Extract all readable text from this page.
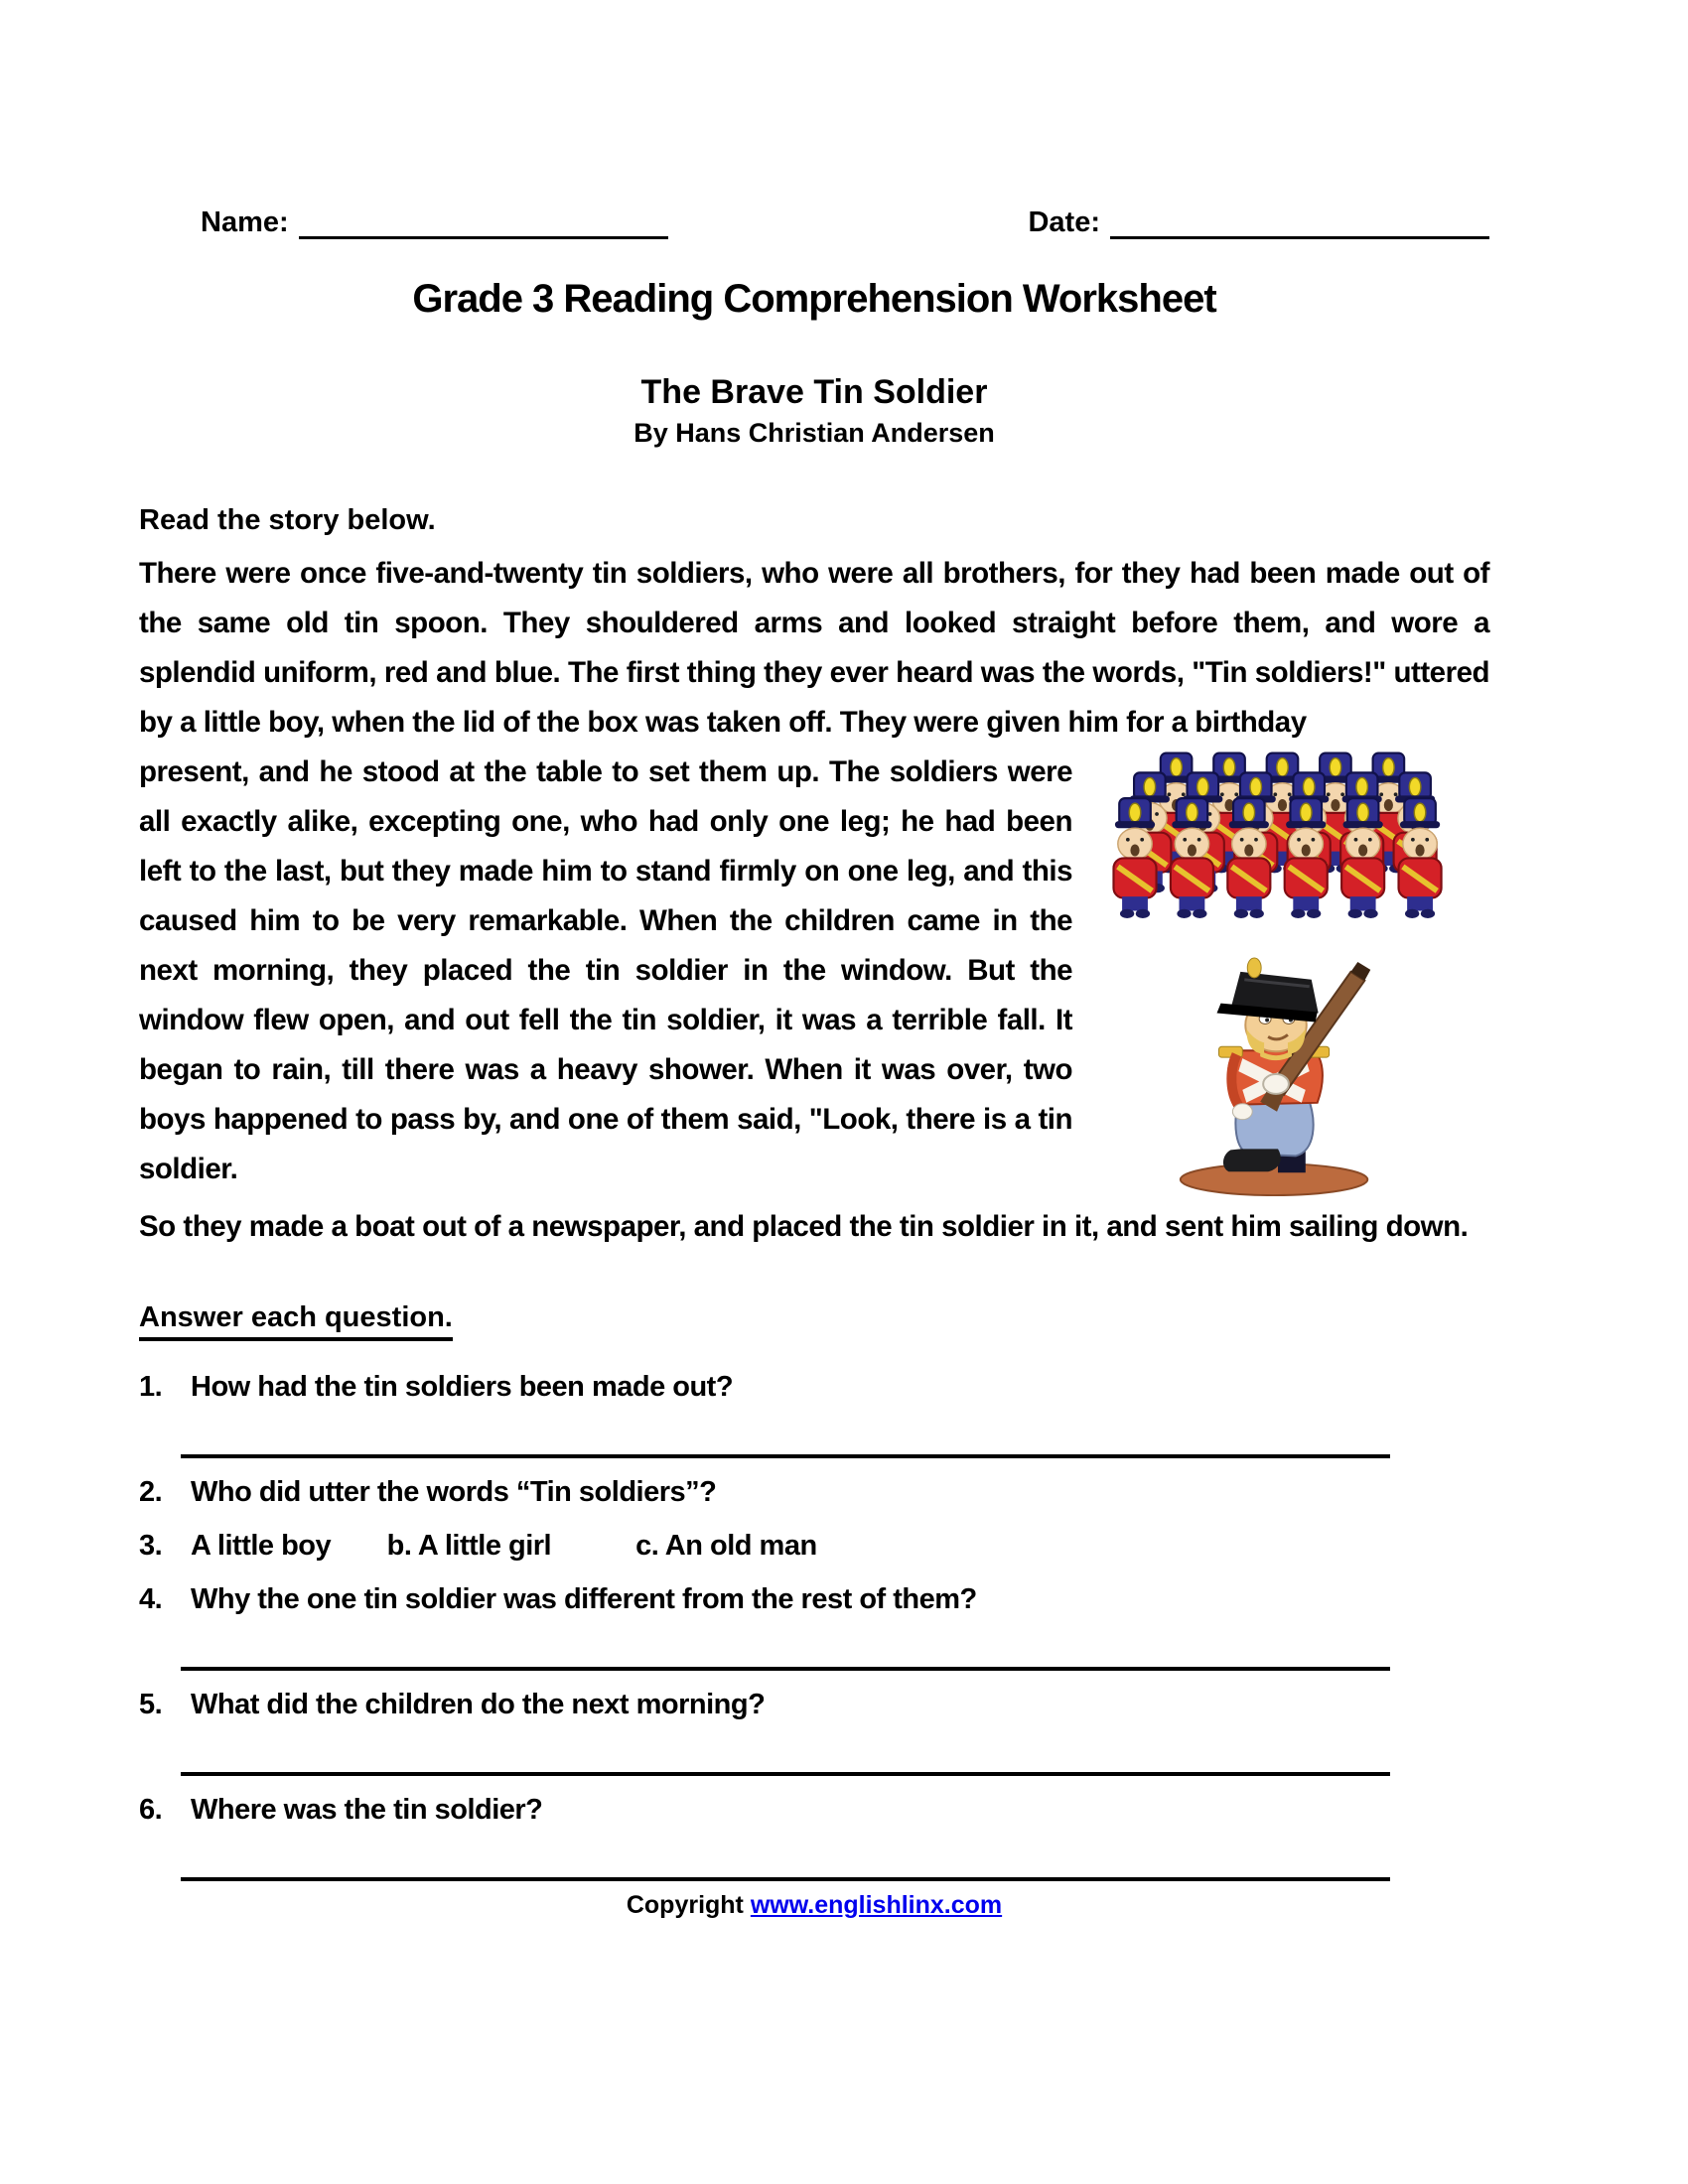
Name:	Date:
Grade 3 Reading Comprehension Worksheet
The Brave Tin Soldier
By Hans Christian Andersen
Read the story below.
There were once five-and-twenty tin soldiers, who were all brothers, for they had been made out of the same old tin spoon. They shouldered arms and looked straight before them, and wore a splendid uniform, red and blue. The first thing they ever heard was the words, "Tin soldiers!" uttered by a little boy, when the lid of the box was taken off. They were given him for a birthday
present, and he stood at the table to set them up. The soldiers were all exactly alike, excepting one, who had only one leg; he had been left to the last, but they made him to stand firmly on one leg, and this caused him to be very remarkable. When the children came in the next morning, they placed the tin soldier in the window. But the window flew open, and out fell the tin soldier, it was a terrible fall. It began to rain, till there was a heavy shower. When it was over, two boys happened to pass by, and one of them said, "Look, there is a tin soldier.
So they made a boat out of a newspaper, and placed the tin soldier in it, and sent him sailing down.
Answer each question.
1. How had the tin soldiers been made out?
2. Who did utter the words “Tin soldiers”?
3. A little boy   b. A little girl    c. An old man
4. Why the one tin soldier was different from the rest of them?
5. What did the children do the next morning?
6. Where was the tin soldier?
Copyright www.englishlinx.com
